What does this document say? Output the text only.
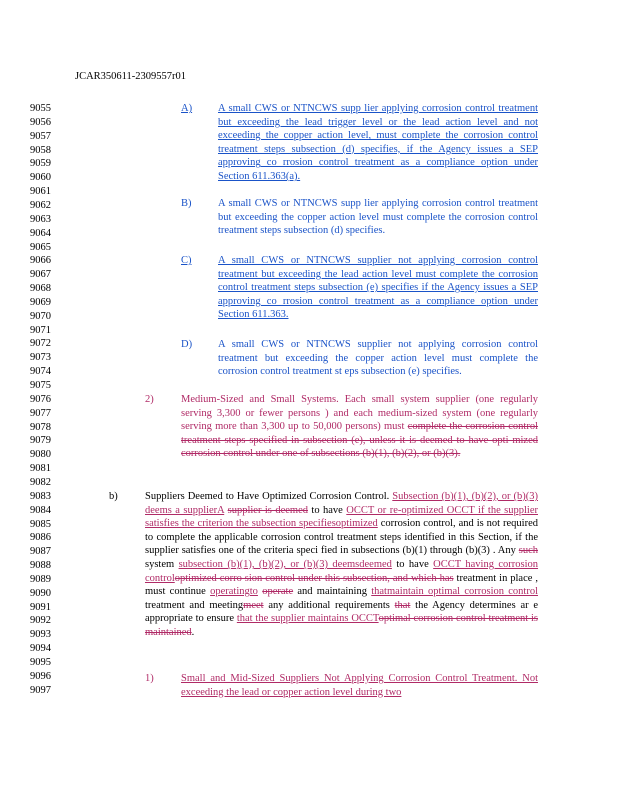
JCAR350611-2309557r01
9055
9056
9057
9058
9059
9060
9061
9062
9063
9064
9065
9066
9067
9068
9069
9070
9071
9072
9073
9074
9075
9076
9077
9078
9079
9080
9081
9082
9083
9084
9085
9086
9087
9088
9089
9090
9091
9092
9093
9094
9095
9096
9097
A) A small CWS or NTNCWS supp lier applying corrosion control treatment but exceeding the lead trigger level or the lead action level and not exceeding the copper action level, must complete the corrosion control treatment steps subsection (d) specifies, if the Agency issues a SEP approving co rrosion control treatment as a compliance option under Section 611.363(a).
B)	A small CWS or NTNCWS supp lier applying corrosion control treatment but exceeding the copper action level must complete the corrosion control treatment steps subsection (d) specifies.
C)	A small CWS or NTNCWS supplier not applying corrosion control treatment but exceeding the lead action level must complete the corrosion control treatment steps subsection (e) specifies if the Agency issues a SEP approving co rrosion control treatment as a compliance option under Section 611.363.
D) A small CWS or NTNCWS supplier not applying corrosion control treatment but exceeding the copper action level must complete the corrosion control treatment st eps subsection (e) specifies.
2)	Medium-Sized and Small Systems. Each small system supplier (one regularly serving 3,300 or fewer persons ) and each medium-sized system (one regularly serving more than 3,300 up to 50,000 persons) must complete the corrosion control treatment steps specified in subsection (e), unless it is deemed to have opti mized corrosion control under one of subsections (b)(1), (b)(2), or (b)(3).
b)	Suppliers Deemed to Have Optimized Corrosion Control. Subsection (b)(1), (b)(2), or (b)(3) deems a supplierA supplier is deemed to have OCCT or re-optimized OCCT if the supplier satisfies the criterion the subsection specifiesoptimized corrosion control, and is not required to complete the applicable corrosion control treatment steps identified in this Section, if the supplier satisfies one of the criteria speci fied in subsections (b)(1) through (b)(3) . Any such system subsection (b)(1), (b)(2), or (b)(3) deemsdeemed to have OCCT having corrosion controloptimized corro sion control under this subsection, and which has treatment in place , must continue operatingto operate and maintaining thatmaintain optimal corrosion control treatment and meetingmeet any additional requirements that the Agency determines ar e appropriate to ensure that the supplier maintains OCCToptimal corrosion control treatment is maintained.
1)	Small and Mid-Sized Suppliers Not Applying Corrosion Control Treatment. Not exceeding the lead or copper action level during two
